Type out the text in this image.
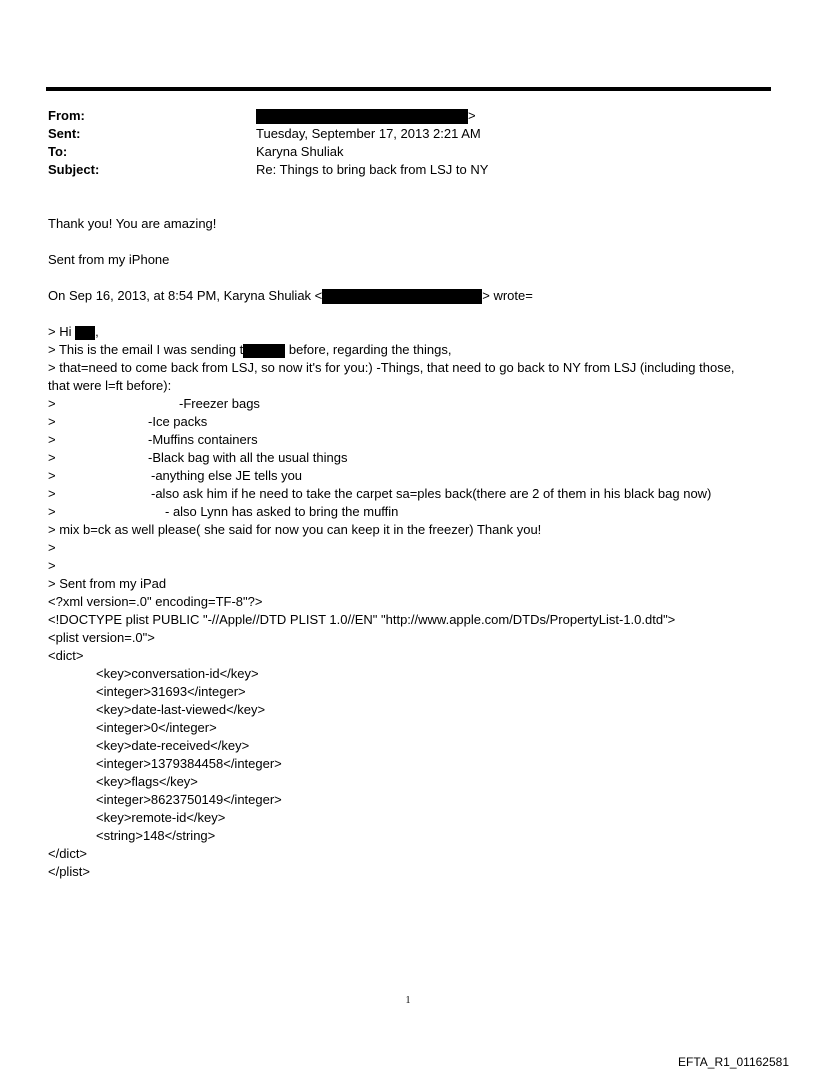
From:	>
Sent:	Tuesday, September 17, 2013 2:21 AM
To:	Karyna Shuliak
Subject:	Re: Things to bring back from LSJ to NY
Thank you! You are amazing!
Sent from my iPhone
On Sep 16, 2013, at 8:54 PM, Karyna Shuliak <	> wrote=
> Hi ,
> This is the email I was sending t	before, regarding the things,
> that=need to come back from LSJ, so now it's for you:) -Things, that need to go back to NY from LSJ (including those,
that were l=ft before):
>	-Freezer bags
>	-Ice packs
>	-Muffins containers
>	-Black bag with all the usual things
>	-anything else JE tells you
>	-also ask him if he need to take the carpet sa=ples back(there are 2 of them in his black bag now)
>	- also Lynn has asked to bring the muffin
> mix b=ck as well please( she said for now you can keep it in the freezer) Thank you!
>
>
> Sent from my iPad
<?xml version=.0" encoding=TF-8"?>
<!DOCTYPE plist PUBLIC "-//Apple//DTD PLIST 1.0//EN" "http://www.apple.com/DTDs/PropertyList-1.0.dtd">
<plist version=.0">
<dict>
<key>conversation-id</key>
<integer>31693</integer>
<key>date-last-viewed</key>
<integer>0</integer>
<key>date-received</key>
<integer>1379384458</integer>
<key>flags</key>
<integer>8623750149</integer>
<key>remote-id</key>
<string>148</string>
</dict>
</plist>
1
EFTA_R1_01162581
